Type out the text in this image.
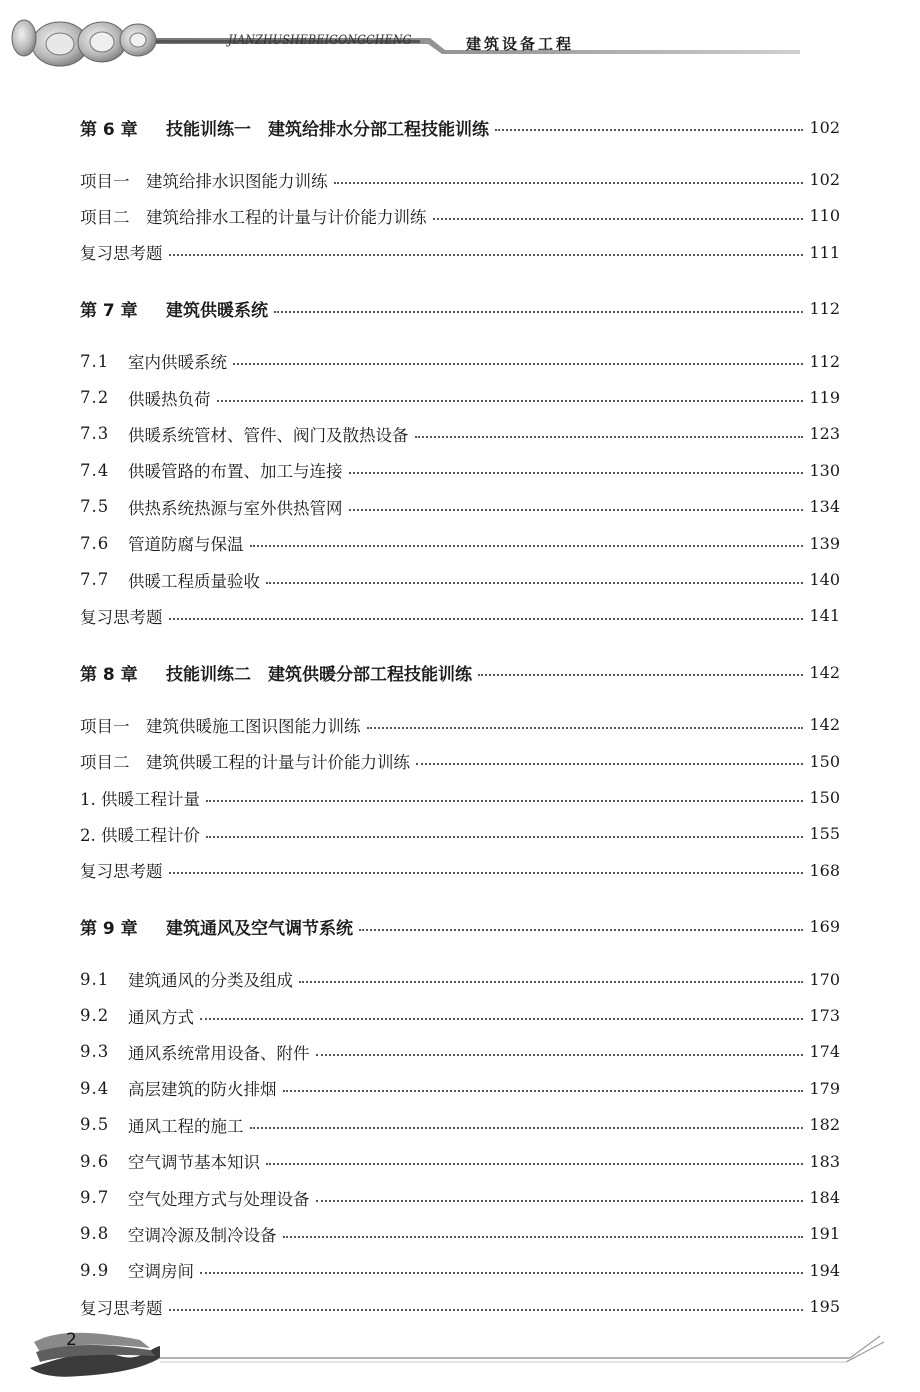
JIANZHUSHEBEIGONGCHENG	建筑设备工程
第 6 章	技能训练一　建筑给排水分部工程技能训练	102
项目一　建筑给排水识图能力训练	102
项目二　建筑给排水工程的计量与计价能力训练	110
复习思考题	111
第 7 章	建筑供暖系统	112
7.1	室内供暖系统	112
7.2	供暖热负荷	119
7.3	供暖系统管材、管件、阀门及散热设备	123
7.4	供暖管路的布置、加工与连接	130
7.5	供热系统热源与室外供热管网	134
7.6	管道防腐与保温	139
7.7	供暖工程质量验收	140
复习思考题	141
第 8 章	技能训练二　建筑供暖分部工程技能训练	142
项目一　建筑供暖施工图识图能力训练	142
项目二　建筑供暖工程的计量与计价能力训练	150
1. 供暖工程计量	150
2. 供暖工程计价	155
复习思考题	168
第 9 章	建筑通风及空气调节系统	169
9.1	建筑通风的分类及组成	170
9.2	通风方式	173
9.3	通风系统常用设备、附件	174
9.4	高层建筑的防火排烟	179
9.5	通风工程的施工	182
9.6	空气调节基本知识	183
9.7	空气处理方式与处理设备	184
9.8	空调冷源及制冷设备	191
9.9	空调房间	194
复习思考题	195
2
